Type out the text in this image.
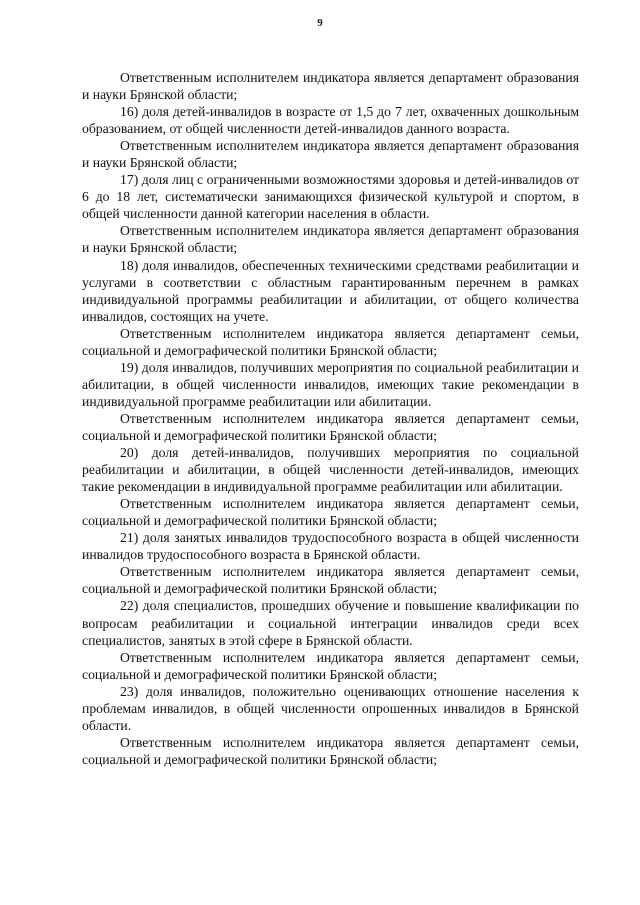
9

Ответственным исполнителем индикатора является департамент образования и науки Брянской области;

16) доля детей-инвалидов в возрасте от 1,5 до 7 лет, охваченных дошкольным образованием, от общей численности детей-инвалидов данного возраста.

Ответственным исполнителем индикатора является департамент образования и науки Брянской области;

17) доля лиц с ограниченными возможностями здоровья и детей-инвалидов от 6 до 18 лет, систематически занимающихся физической культурой и спортом, в общей численности данной категории населения в области.

Ответственным исполнителем индикатора является департамент образования и науки Брянской области;

18) доля инвалидов, обеспеченных техническими средствами реабилитации и услугами в соответствии с областным гарантированным перечнем в рамках индивидуальной программы реабилитации и абилитации, от общего количества инвалидов, состоящих на учете.

Ответственным исполнителем индикатора является департамент семьи, социальной и демографической политики Брянской области;

19) доля инвалидов, получивших мероприятия по социальной реабилитации и абилитации, в общей численности инвалидов, имеющих такие рекомендации в индивидуальной программе реабилитации или абилитации.

Ответственным исполнителем индикатора является департамент семьи, социальной и демографической политики Брянской области;

20) доля детей-инвалидов, получивших мероприятия по социальной реабилитации и абилитации, в общей численности детей-инвалидов, имеющих такие рекомендации в индивидуальной программе реабилитации или абилитации.

Ответственным исполнителем индикатора является департамент семьи, социальной и демографической политики Брянской области;

21) доля занятых инвалидов трудоспособного возраста в общей численности инвалидов трудоспособного возраста в Брянской области.

Ответственным исполнителем индикатора является департамент семьи, социальной и демографической политики Брянской области;

22) доля специалистов, прошедших обучение и повышение квалификации по вопросам реабилитации и социальной интеграции инвалидов среди всех специалистов, занятых в этой сфере в Брянской области.

Ответственным исполнителем индикатора является департамент семьи, социальной и демографической политики Брянской области;

23) доля инвалидов, положительно оценивающих отношение населения к проблемам инвалидов, в общей численности опрошенных инвалидов в Брянской области.

Ответственным исполнителем индикатора является департамент семьи, социальной и демографической политики Брянской области;
